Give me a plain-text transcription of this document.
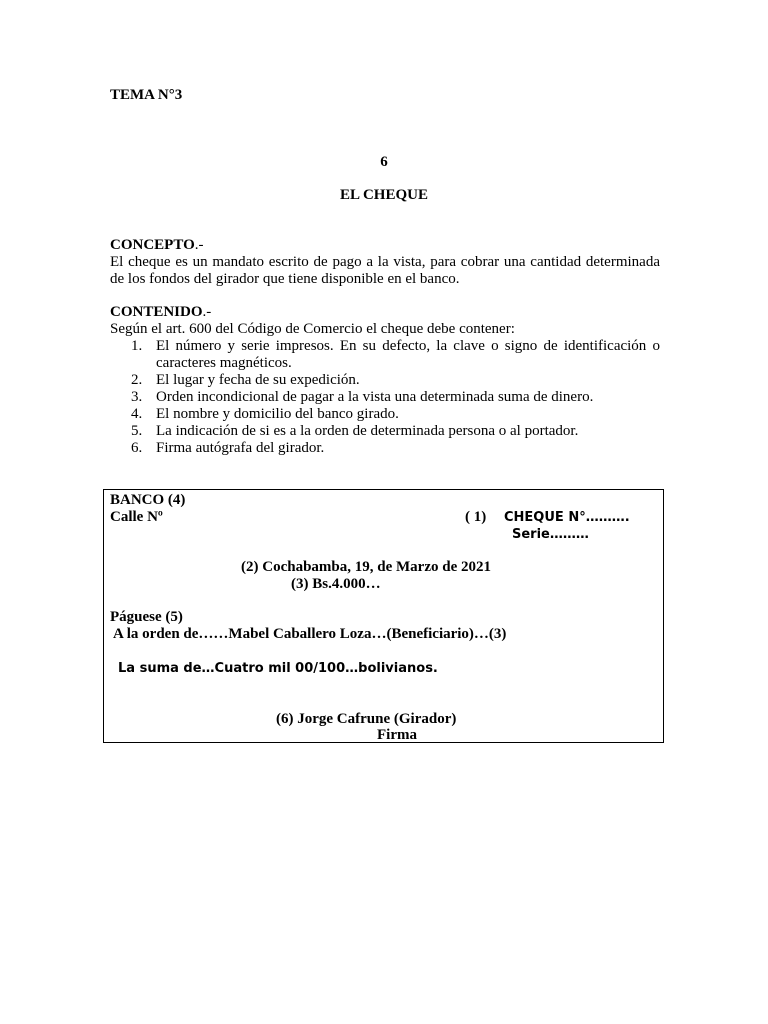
TEMA N°3
6
EL CHEQUE

CONCEPTO.-

El cheque es un mandato escrito de pago a la vista, para cobrar una cantidad determinada de los fondos del girador que tiene disponible en el banco.

CONTENIDO.-

Según el art. 600 del Código de Comercio el cheque debe contener:

1. El número y serie impresos. En su defecto, la clave o signo de identificación o caracteres magnéticos.
2. El lugar y fecha de su expedición.
3. Orden incondicional de pagar a la vista una determinada suma de dinero.
4. El nombre y domicilio del banco girado.
5. La indicación de si es a la orden de determinada persona o al portador.
6. Firma autógrafa del girador.
BANCO (4)
Calle Nº	( 1) CHEQUE N°……….
Serie………
(2) Cochabamba, 19, de Marzo de 2021
(3) Bs.4.000…
Páguese (5)
A la orden de……Mabel Caballero Loza…(Beneficiario)…(3)
La suma de…Cuatro mil 00/100…bolivianos.
(6) Jorge Cafrune (Girador)
Firma
